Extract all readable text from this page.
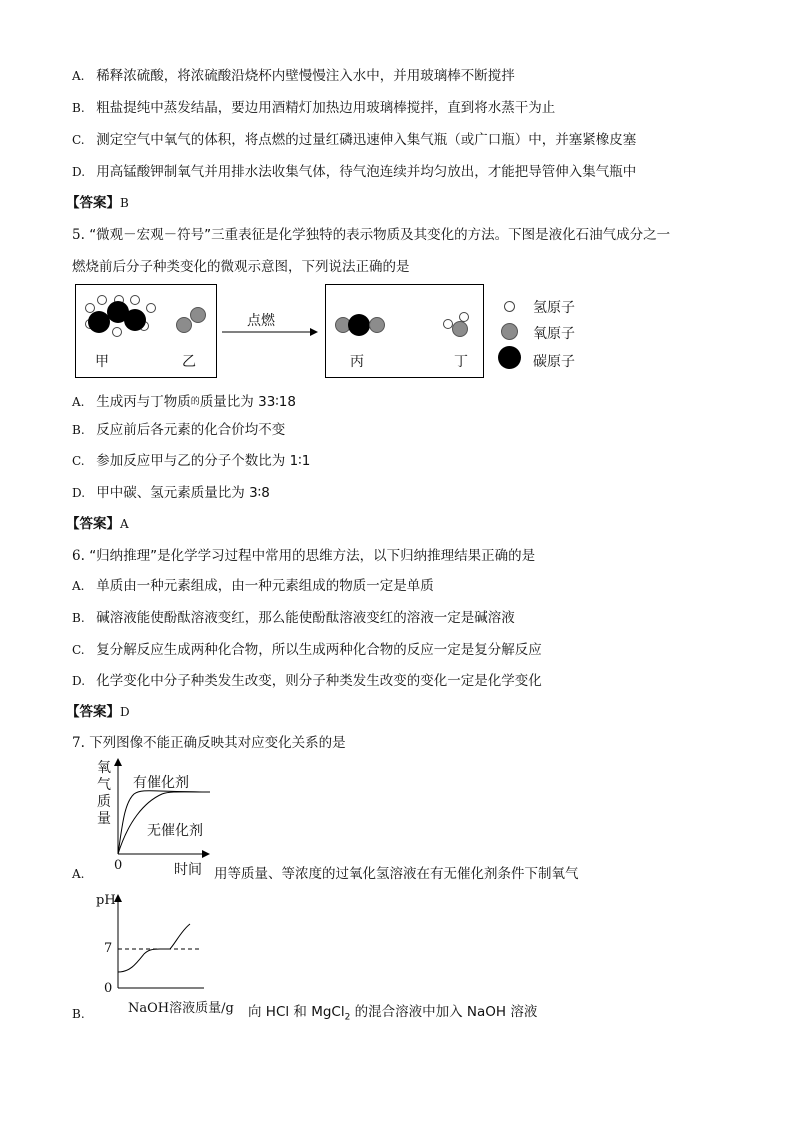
A. 稀释浓硫酸，将浓硫酸沿烧杯内壁慢慢注入水中，并用玻璃棒不断搅拌
B. 粗盐提纯中蒸发结晶，要边用酒精灯加热边用玻璃棒搅拌，直到将水蒸干为止
C. 测定空气中氧气的体积，将点燃的过量红磷迅速伸入集气瓶（或广口瓶）中，并塞紧橡皮塞
D. 用高锰酸钾制氧气并用排水法收集气体，待气泡连续并均匀放出，才能把导管伸入集气瓶中
【答案】B
5. “微观－宏观－符号”三重表征是化学独特的表示物质及其变化的方法。下图是液化石油气成分之一
燃烧前后分子种类变化的微观示意图，下列说法正确的是
甲	乙
点燃
丙	丁
氢原子
氧原子
碳原子
A. 生成丙与丁物质$^的$质量比为 33∶18
B. 反应前后各元素的化合价均不变
C. 参加反应甲与乙的分子个数比为 1∶1
D. 甲中碳、氢元素质量比为 3∶8
【答案】A
6. “归纳推理”是化学学习过程中常用的思维方法，以下归纳推理结果正确的是
A. 单质由一种元素组成，由一种元素组成的物质一定是单质
B. 碱溶液能使酚酞溶液变红，那么能使酚酞溶液变红的溶液一定是碱溶液
C. 复分解反应生成两种化合物，所以生成两种化合物的反应一定是复分解反应
D. 化学变化中分子种类发生改变，则分子种类发生改变的变化一定是化学变化
【答案】D
7. 下列图像不能正确反映其对应变化关系的是
氧
气
质
量
有催化剂
无催化剂
0	时间
A.	用等质量、等浓度的过氧化氢溶液在有无催化剂条件下制氧气
pH
7
0
NaOH溶液质量/g
B.	向 HCl 和 MgCl$_2$ 的混合溶液中加入 NaOH 溶液
